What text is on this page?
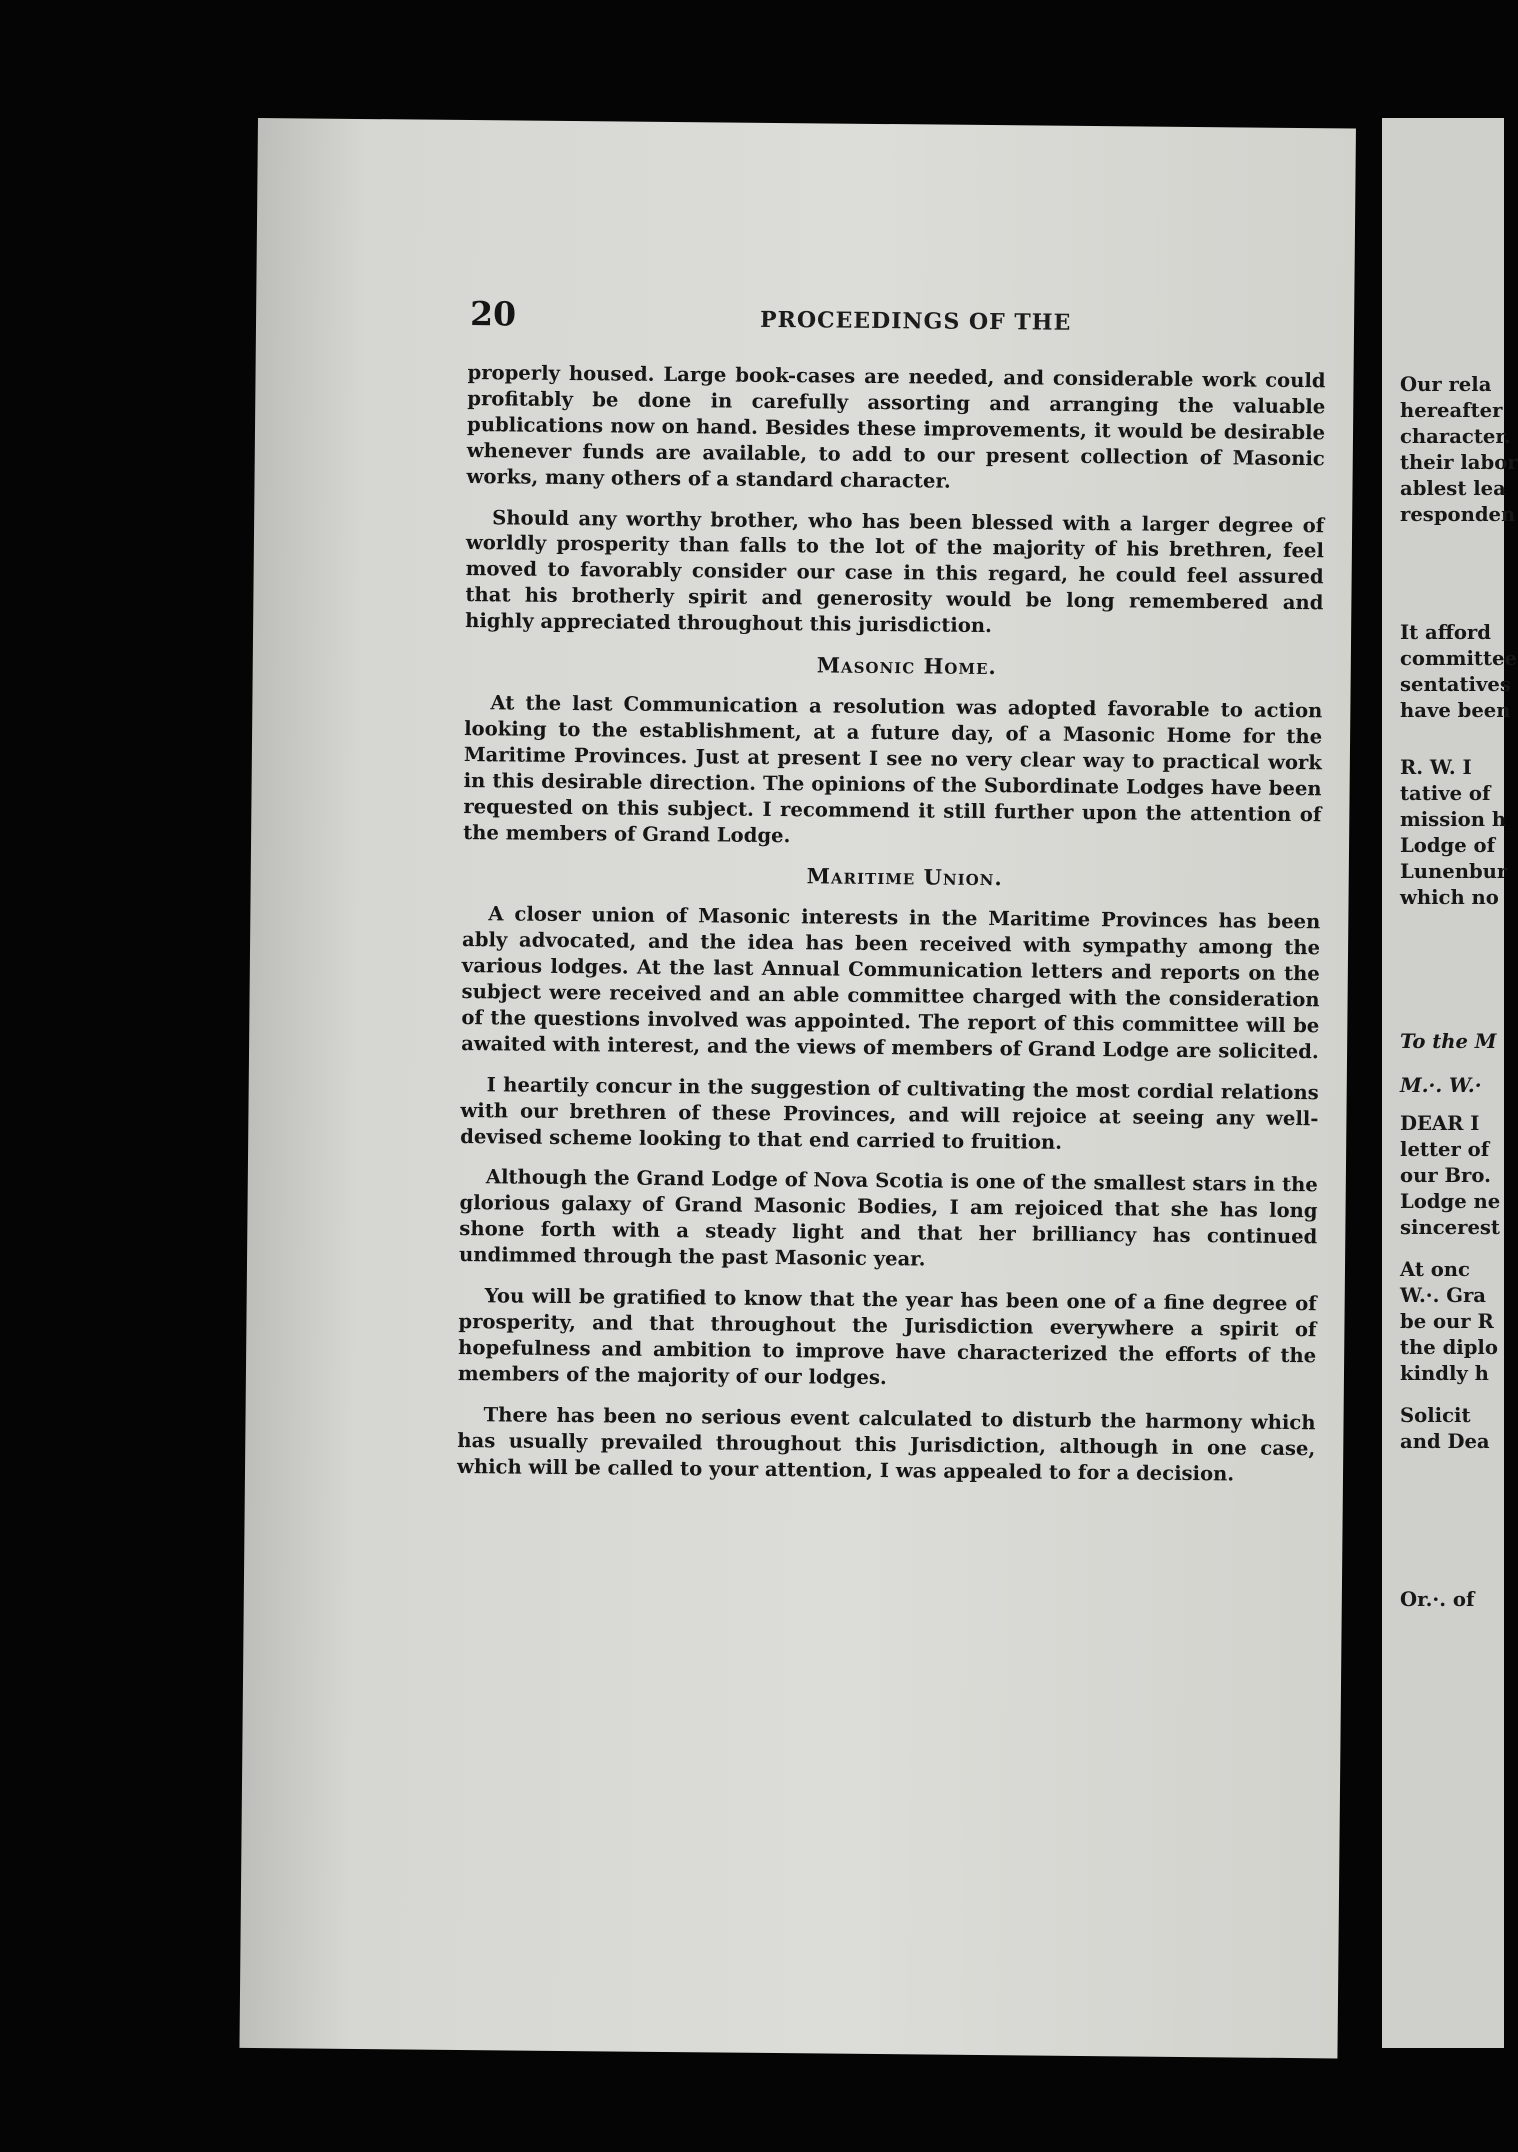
20	PROCEEDINGS OF THE

properly housed. Large book-cases are needed, and considerable work could profitably be done in carefully assorting and arranging the valuable publications now on hand. Besides these improvements, it would be desirable whenever funds are available, to add to our present collection of Masonic works, many others of a standard character.

Should any worthy brother, who has been blessed with a larger degree of worldly prosperity than falls to the lot of the majority of his brethren, feel moved to favorably consider our case in this regard, he could feel assured that his brotherly spirit and generosity would be long remembered and highly appreciated throughout this jurisdiction.

Masonic Home.

At the last Communication a resolution was adopted favorable to action looking to the establishment, at a future day, of a Masonic Home for the Maritime Provinces. Just at present I see no very clear way to practical work in this desirable direction. The opinions of the Subordinate Lodges have been requested on this subject. I recommend it still further upon the attention of the members of Grand Lodge.

Maritime Union.

A closer union of Masonic interests in the Maritime Provinces has been ably advocated, and the idea has been received with sympathy among the various lodges. At the last Annual Communication letters and reports on the subject were received and an able committee charged with the consideration of the questions involved was appointed. The report of this committee will be awaited with interest, and the views of members of Grand Lodge are solicited.

I heartily concur in the suggestion of cultivating the most cordial relations with our brethren of these Provinces, and will rejoice at seeing any well-devised scheme looking to that end carried to fruition.

Although the Grand Lodge of Nova Scotia is one of the smallest stars in the glorious galaxy of Grand Masonic Bodies, I am rejoiced that she has long shone forth with a steady light and that her brilliancy has continued undimmed through the past Masonic year.

You will be gratified to know that the year has been one of a fine degree of prosperity, and that throughout the Jurisdiction everywhere a spirit of hopefulness and ambition to improve have characterized the efforts of the members of the majority of our lodges.

There has been no serious event calculated to disturb the harmony which has usually prevailed throughout this Jurisdiction, although in one case, which will be called to your attention, I was appealed to for a decision.

Our rela
hereafter
character.
their labor
ablest lea
responden
It afford
committee
sentatives
have been
R. W. I
tative of
mission h
Lodge of
Lunenbur
which no
To the M
M.·. W.·
DEAR I
letter of
our Bro.
Lodge ne
sincerest
At onc
W.·. Gra
be our R
the diplo
kindly h
Solicit
and Dea
Or.·. of
